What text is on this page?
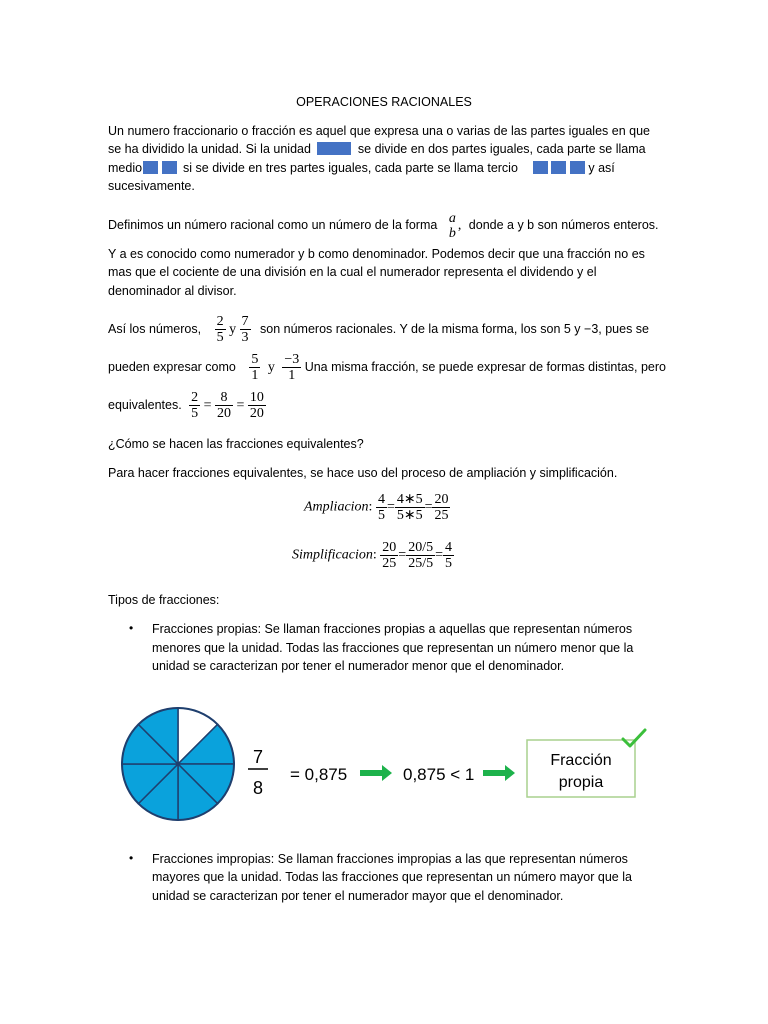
OPERACIONES RACIONALES
Un numero fraccionario o fracción es aquel que expresa una o varias de las partes iguales en que
se ha dividido la unidad. Si la unidad	se divide en dos partes iguales, cada parte se llama
medio	si se divide en tres partes iguales, cada parte se llama tercio	y así
sucesivamente.
Definimos un número racional como un número de la forma a
b
, donde a y b son números enteros.
Y a es conocido como numerador y b como denominador. Podemos decir que una fracción no es
mas que el cociente de una división en la cual el numerador representa el dividendo y el
denominador al divisor.
Así los números, $\frac{2}{5}$ y $\frac{7}{3}$ son números racionales. Y de la misma forma, los son 5 y −3, pues se
pueden expresar como $\frac{5}{1}$ y $\frac{-3}{1}$ Una misma fracción, se puede expresar de formas distintas, pero
equivalentes. $\frac{2}{5} = \frac{8}{20} = \frac{10}{20}$
¿Cómo se hacen las fracciones equivalentes?
Para hacer fracciones equivalentes, se hace uso del proceso de ampliación y simplificación.
Ampliacion: $\frac{4}{5} = \frac{4∗5}{5∗5} = \frac{20}{25}$
Simplificacion: $\frac{20}{25} = \frac{20/5}{25/5} = \frac{4}{5}$
Tipos de fracciones:
• Fracciones propias: Se llaman fracciones propias a aquellas que representan números
menores que la unidad. Todas las fracciones que representan un número menor que la
unidad se caracterizan por tener el numerador menor que el denominador.
7
8
= 0,875	0,875 < 1
Fracción
propia
• Fracciones impropias: Se llaman fracciones impropias a las que representan números
mayores que la unidad. Todas las fracciones que representan un número mayor que la
unidad se caracterizan por tener el numerador mayor que el denominador.
